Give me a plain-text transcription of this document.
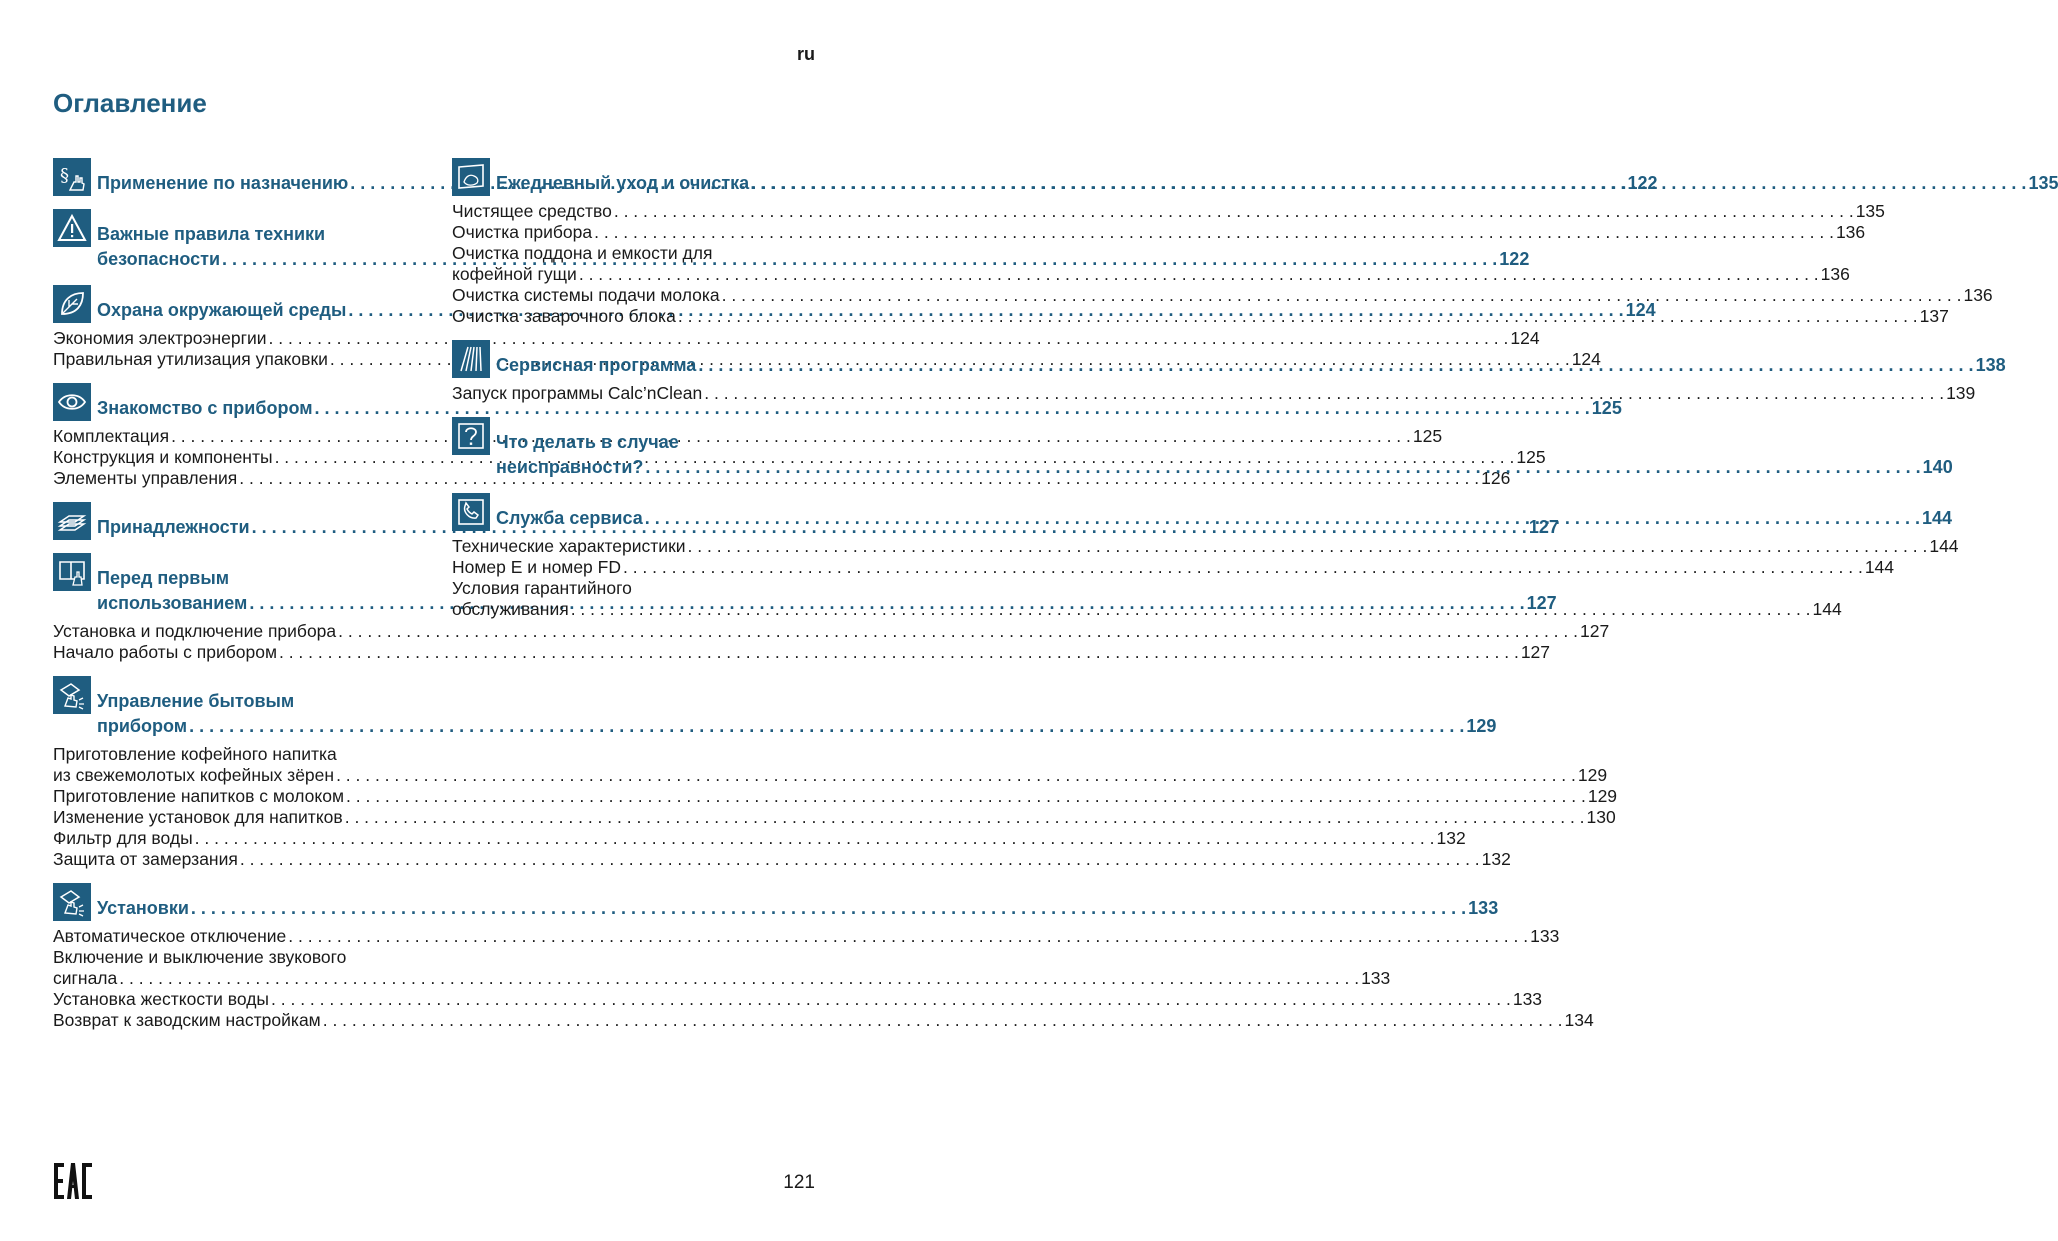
ru
Оглавление
§ Применение по назначению . . .	122
Важные правила техники
безопасности . . .	122
Охрана окружающей среды . . .	124
Экономия электроэнергии . . .	124
Правильная утилизация упаковки . . .	124
Знакомство с прибором . . .	125
Комплектация . . .	125
Конструкция и компоненты . . .	125
Элементы управления . . .	126
Принадлежности . . .	127
Перед первым
использованием . . .	127
Установка и подключение прибора . . .	127
Начало работы с прибором . . .	127
Управление бытовым
прибором . . .	129
Приготовление кофейного напитка
из свежемолотых кофейных зёрен . . .	129
Приготовление напитков с молоком . . .	129
Изменение установок для напитков . . .	130
Фильтр для воды . . .	132
Защита от замерзания . . .	132
Установки . . .	133
Автоматическое отключение . . .	133
Включение и выключение звукового
сигнала . . .	133
Установка жесткости воды . . .	133
Возврат к заводским настройкам . . .	134
Ежедневный уход и очистка . . .	135
Чистящее средство . . .	135
Очистка прибора . . .	136
Очистка поддона и емкости для
кофейной гущи . . .	136
Очистка системы подачи молока . . .	136
Очистка заварочного блока . . .	137
Сервисная программа . . .	138
Запуск программы Calc’nClean . . .	139
Что делать в случае
неисправности? . . .	140
Служба сервиса . . .	144
Технические характеристики . . .	144
Номер E и номер FD . . .	144
Условия гарантийного
обслуживания . . .	144
121
